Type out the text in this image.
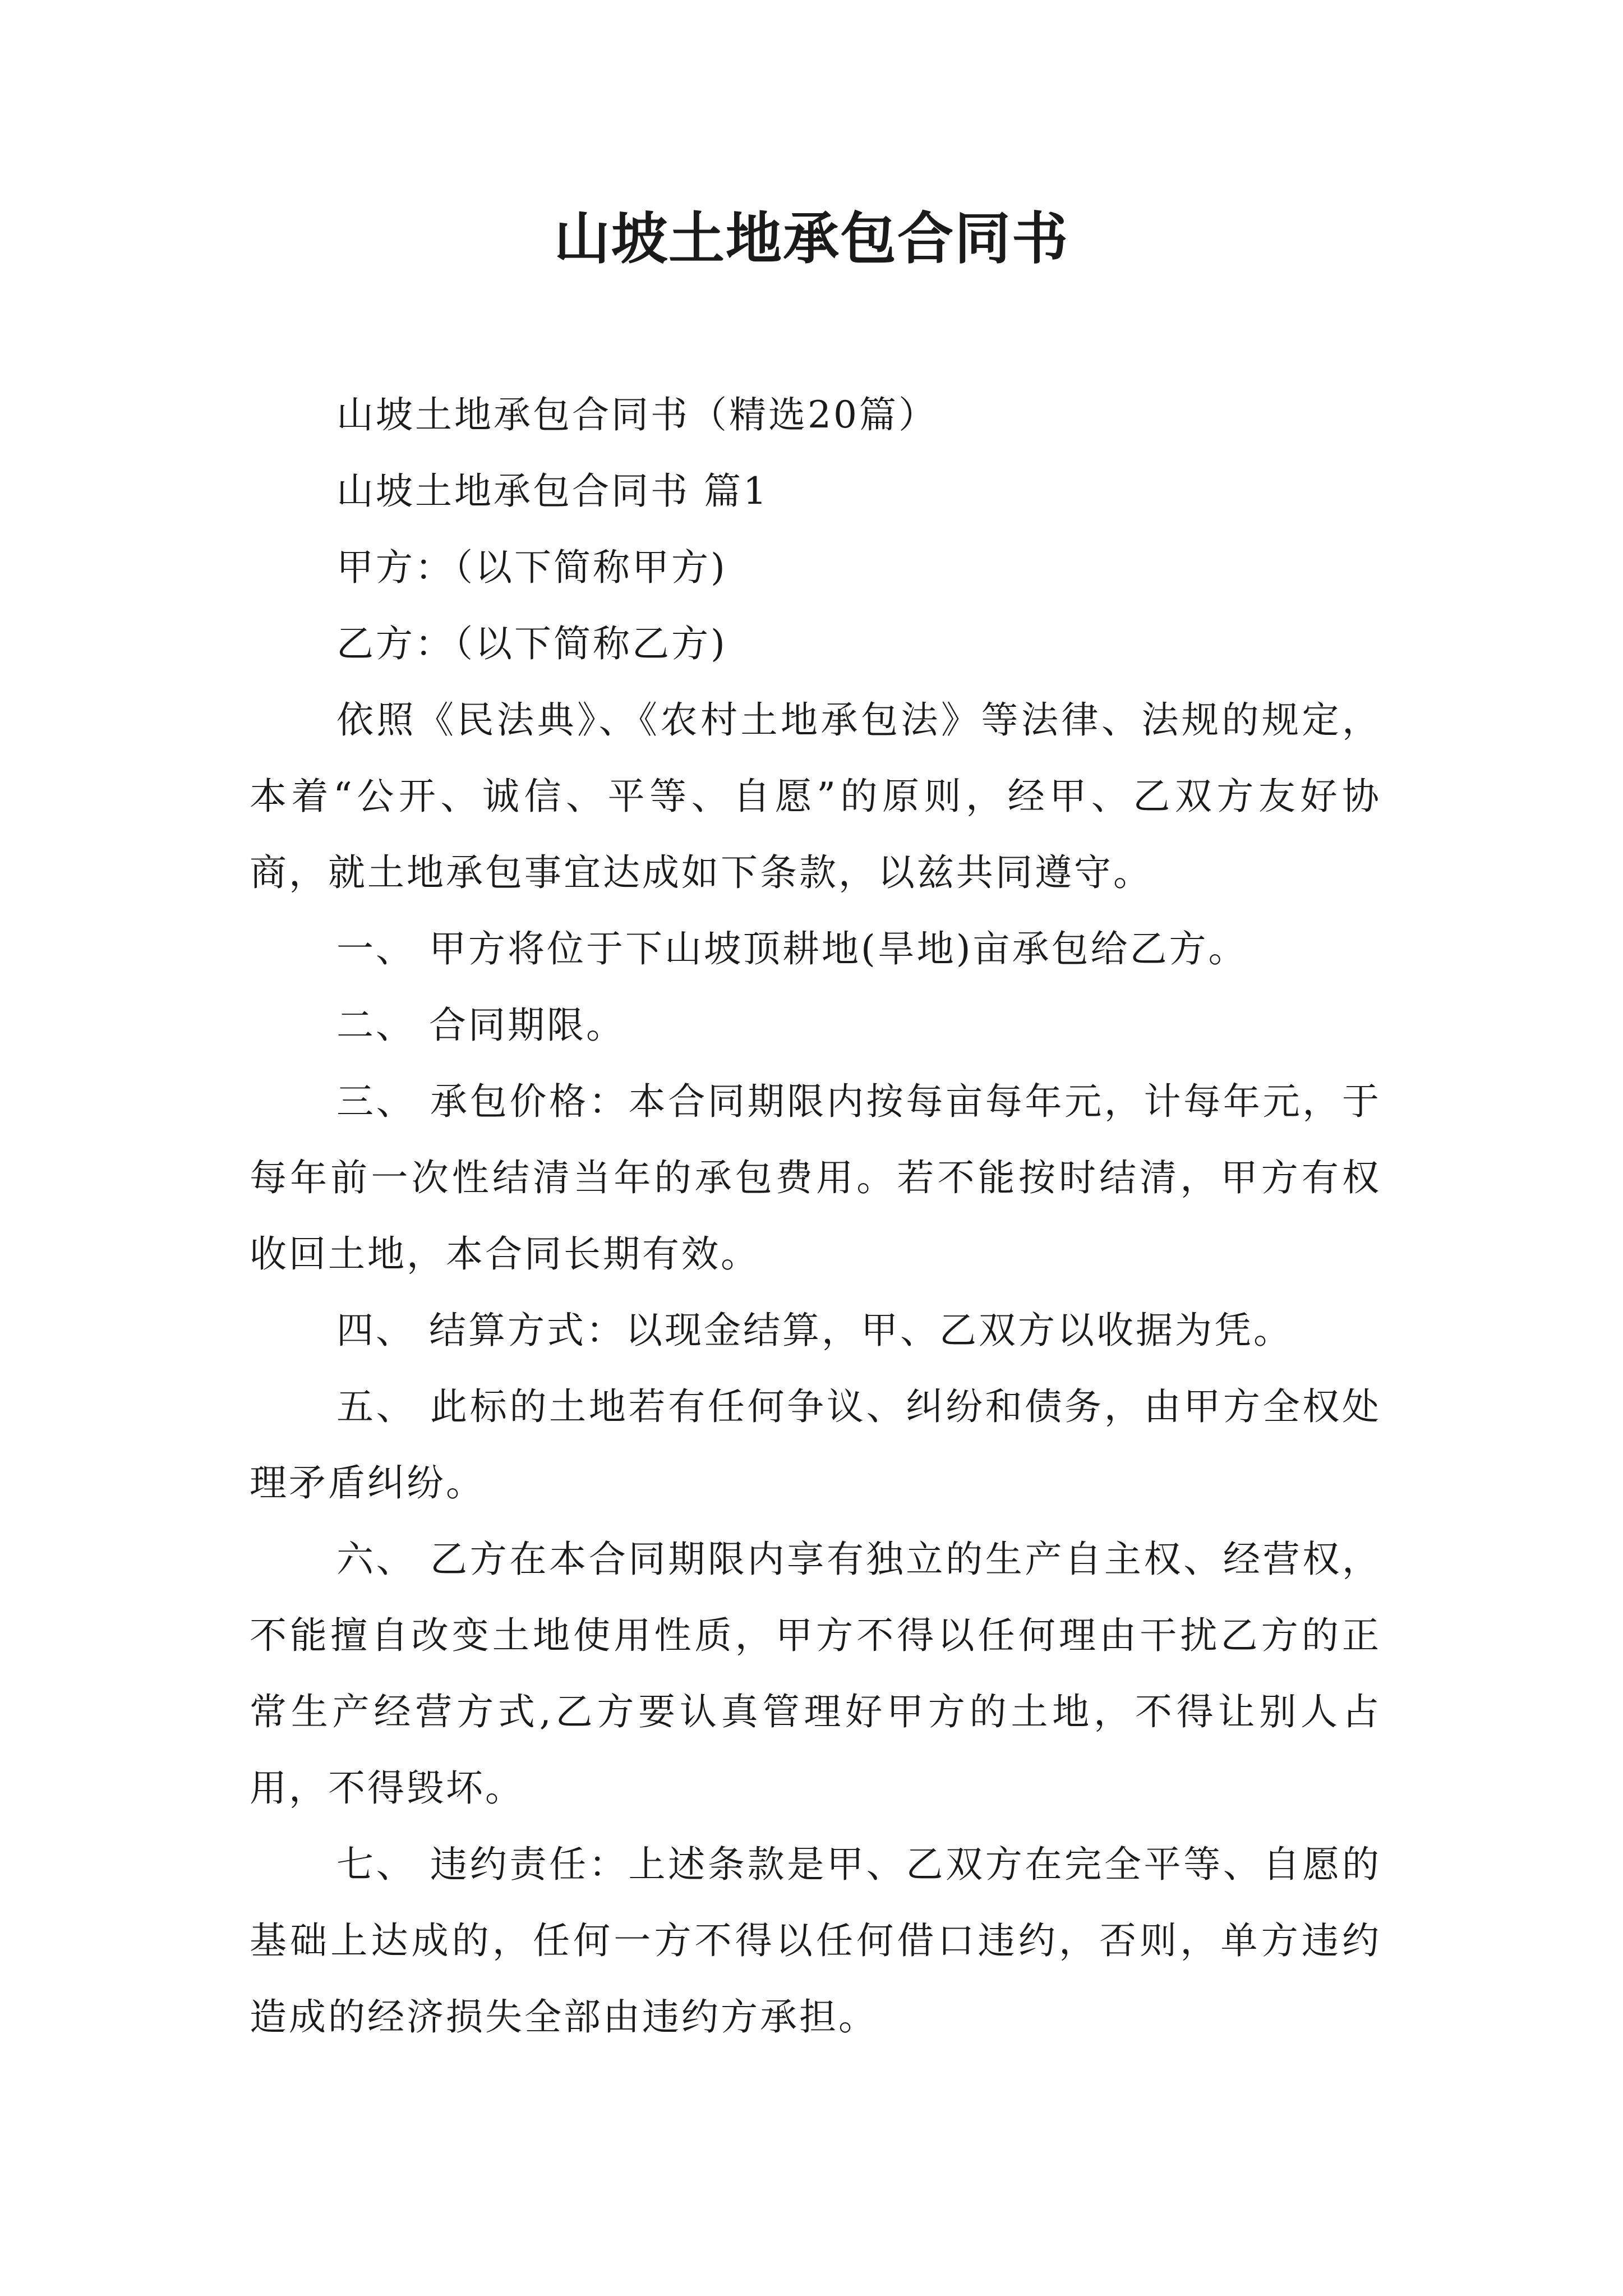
山坡土地承包合同书

山坡土地承包合同书（精选20篇）

山坡土地承包合同书 篇1

甲方：（以下简称甲方)

乙方：（以下简称乙方)

依照《民法典》、《农村土地承包法》等法律、法规的规定，本着“公开、诚信、平等、自愿”的原则，经甲、乙双方友好协商，就土地承包事宜达成如下条款，以兹共同遵守。

一、 甲方将位于下山坡顶耕地(旱地)亩承包给乙方。

二、 合同期限。

三、 承包价格：本合同期限内按每亩每年元，计每年元，于每年前一次性结清当年的承包费用。若不能按时结清，甲方有权收回土地，本合同长期有效。

四、 结算方式：以现金结算，甲、乙双方以收据为凭。

五、 此标的土地若有任何争议、纠纷和债务，由甲方全权处理矛盾纠纷。

六、 乙方在本合同期限内享有独立的生产自主权、经营权，不能擅自改变土地使用性质，甲方不得以任何理由干扰乙方的正常生产经营方式,乙方要认真管理好甲方的土地，不得让别人占用，不得毁坏。

七、 违约责任：上述条款是甲、乙双方在完全平等、自愿的基础上达成的，任何一方不得以任何借口违约，否则，单方违约造成的经济损失全部由违约方承担。
